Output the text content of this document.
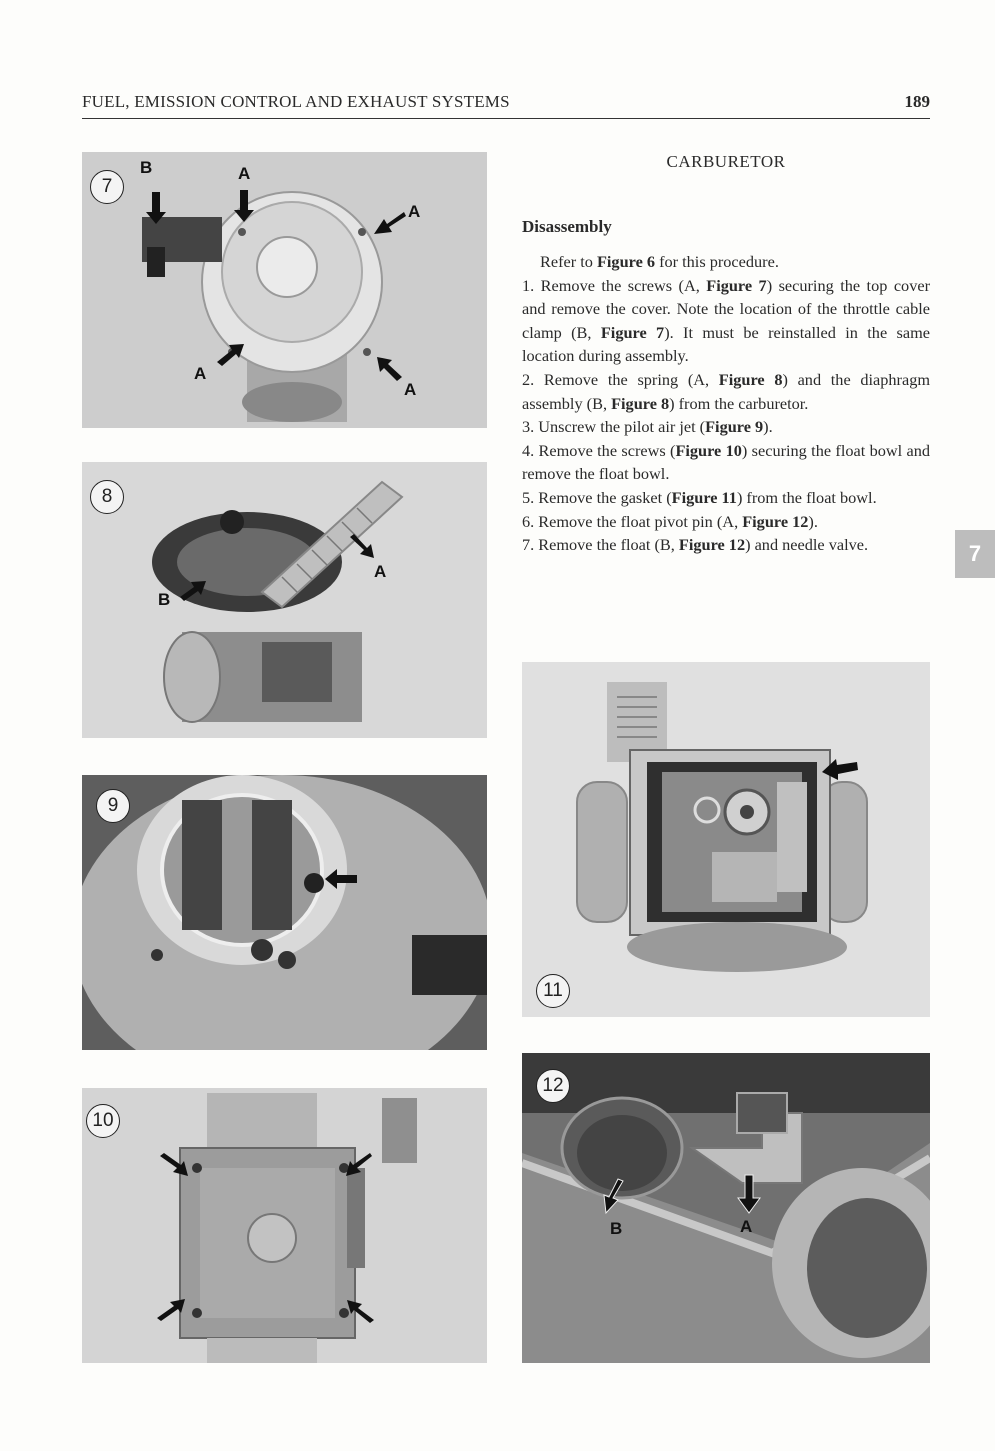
FUEL, EMISSION CONTROL AND EXHAUST SYSTEMS	189
7
B	A
A
A
A
8
A
B
9
10
CARBURETOR
Disassembly

Refer to Figure 6 for this procedure.

1. Remove the screws (A, Figure 7) securing the top cover and remove the cover. Note the location of the throttle cable clamp (B, Figure 7). It must be reinstalled in the same location during assembly.

2. Remove the spring (A, Figure 8) and the diaphragm assembly (B, Figure 8) from the carburetor.

3. Unscrew the pilot air jet (Figure 9).

4. Remove the screws (Figure 10) securing the float bowl and remove the float bowl.

5. Remove the gasket (Figure 11) from the float bowl.

6. Remove the float pivot pin (A, Figure 12).

7. Remove the float (B, Figure 12) and needle valve.

11
12
B	A
7
